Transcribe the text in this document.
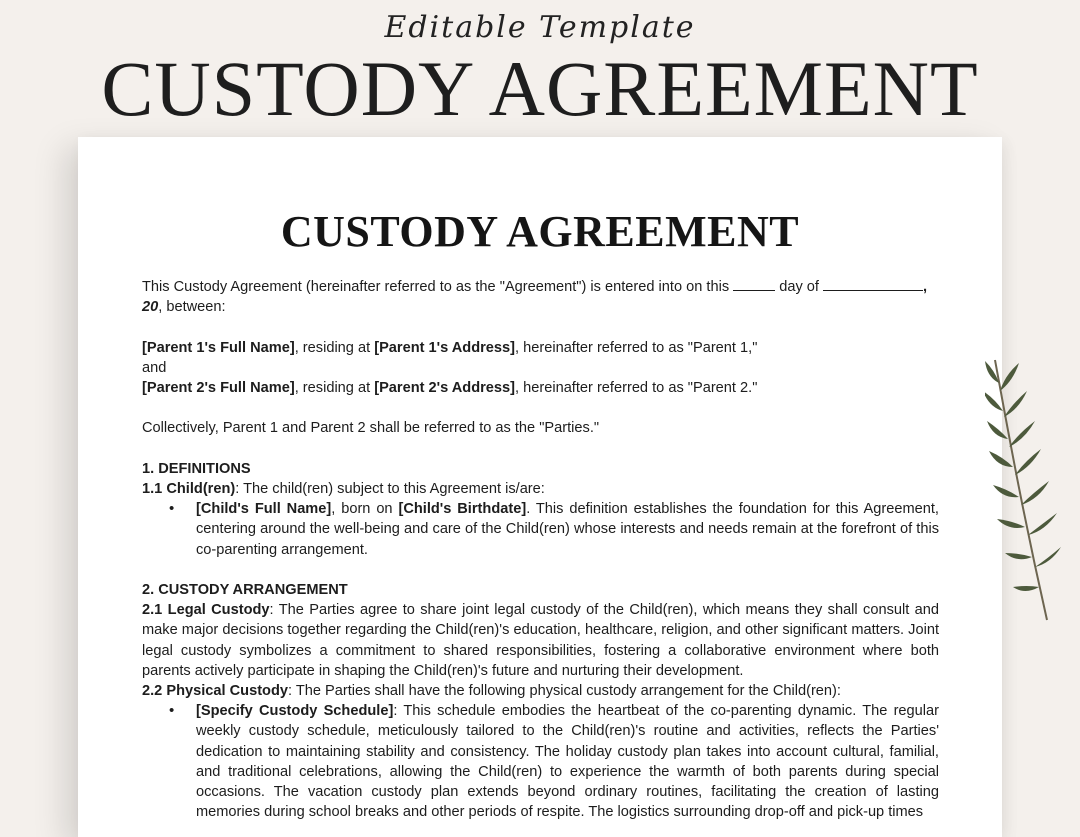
Editable Template
CUSTODY AGREEMENT
CUSTODY AGREEMENT

This Custody Agreement (hereinafter referred to as the "Agreement") is entered into on this	day of	,
20, between:

[Parent 1's Full Name], residing at [Parent 1's Address], hereinafter referred to as "Parent 1,"

and

[Parent 2's Full Name], residing at [Parent 2's Address], hereinafter referred to as "Parent 2."

Collectively, Parent 1 and Parent 2 shall be referred to as the "Parties."

1. DEFINITIONS

1.1 Child(ren): The child(ren) subject to this Agreement is/are:

• [Child's Full Name], born on [Child's Birthdate]. This definition establishes the foundation for this Agreement, centering around the well-being and care of the Child(ren) whose interests and needs remain at the forefront of this co-parenting arrangement.

2. CUSTODY ARRANGEMENT

2.1 Legal Custody: The Parties agree to share joint legal custody of the Child(ren), which means they shall consult and make major decisions together regarding the Child(ren)'s education, healthcare, religion, and other significant matters. Joint legal custody symbolizes a commitment to shared responsibilities, fostering a collaborative environment where both parents actively participate in shaping the Child(ren)'s future and nurturing their development.

2.2 Physical Custody: The Parties shall have the following physical custody arrangement for the Child(ren):

• [Specify Custody Schedule]: This schedule embodies the heartbeat of the co-parenting dynamic. The regular weekly custody schedule, meticulously tailored to the Child(ren)'s routine and activities, reflects the Parties' dedication to maintaining stability and consistency. The holiday custody plan takes into account cultural, familial, and traditional celebrations, allowing the Child(ren) to experience the warmth of both parents during special occasions. The vacation custody plan extends beyond ordinary routines, facilitating the creation of lasting memories during school breaks and other periods of respite. The logistics surrounding drop-off and pick-up times
